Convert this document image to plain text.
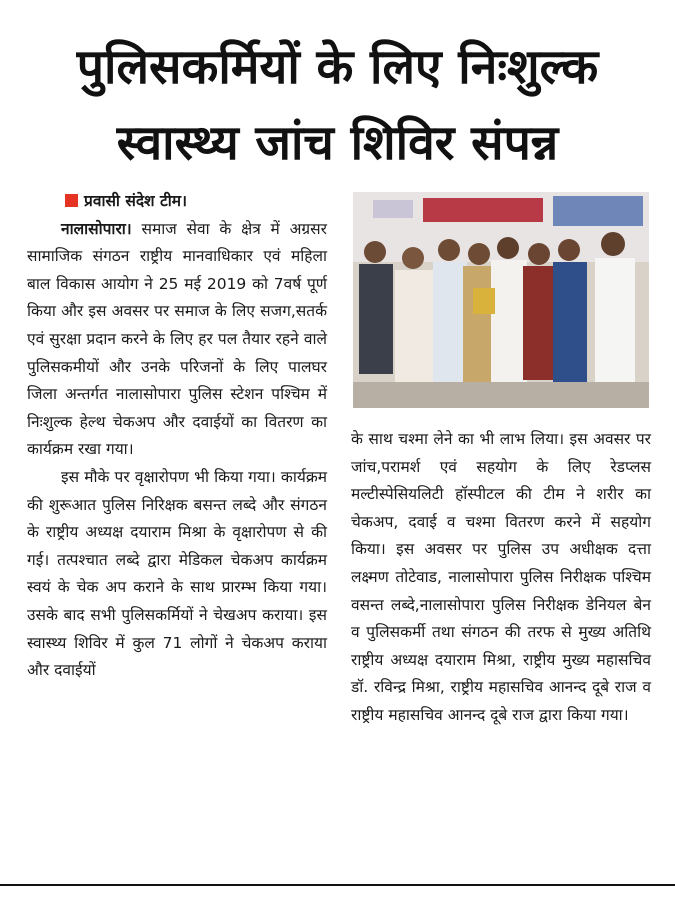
पुलिसकर्मियों के लिए निःशुल्क
स्वास्थ्य जांच शिविर संपन्न
प्रवासी संदेश टीम।

नालासोपारा। समाज सेवा के क्षेत्र में अग्रसर सामाजिक संगठन राष्ट्रीय मानवाधिकार एवं महिला बाल विकास आयोग ने 25 मई 2019 को 7वर्ष पूर्ण किया और इस अवसर पर समाज के लिए सजग,सतर्क एवं सुरक्षा प्रदान करने के लिए हर पल तैयार रहने वाले पुलिसकमीयों और उनके परिजनों के लिए पालघर जिला अन्तर्गत नालासोपारा पुलिस स्टेशन पश्चिम में निःशुल्क हेल्थ चेकअप और दवाईयों का वितरण का कार्यक्रम रखा गया।

इस मौके पर वृक्षारोपण भी किया गया। कार्यक्रम की शुरूआत पुलिस निरिक्षक बसन्त लब्दे और संगठन के राष्ट्रीय अध्यक्ष दयाराम मिश्रा के वृक्षारोपण से की गई। तत्पश्चात लब्दे द्वारा मेडिकल चेकअप कार्यक्रम स्वयं के चेक अप कराने के साथ प्रारम्भ किया गया। उसके बाद सभी पुलिसकर्मियों ने चेखअप कराया। इस स्वास्थ्य शिविर में कुल 71 लोगों ने चेकअप कराया और दवाईयों

के साथ चश्मा लेने का भी लाभ लिया। इस अवसर पर जांच,परामर्श एवं सहयोग के लिए रेडप्लस मल्टीस्पेसियलिटी हॉस्पीटल की टीम ने शरीर का चेकअप, दवाई व चश्मा वितरण करने में सहयोग किया। इस अवसर पर पुलिस उप अधीक्षक दत्ता लक्ष्मण तोटेवाड, नालासोपारा पुलिस निरीक्षक पश्चिम वसन्त लब्दे,नालासोपारा पुलिस निरीक्षक डेनियल बेन व पुलिसकर्मी तथा संगठन की तरफ से मुख्य अतिथि राष्ट्रीय अध्यक्ष दयाराम मिश्रा, राष्ट्रीय मुख्य महासचिव डॉ. रविन्द्र मिश्रा, राष्ट्रीय महासचिव आनन्द दूबे राज व राष्ट्रीय महासचिव आनन्द दूबे राज द्वारा किया गया।
